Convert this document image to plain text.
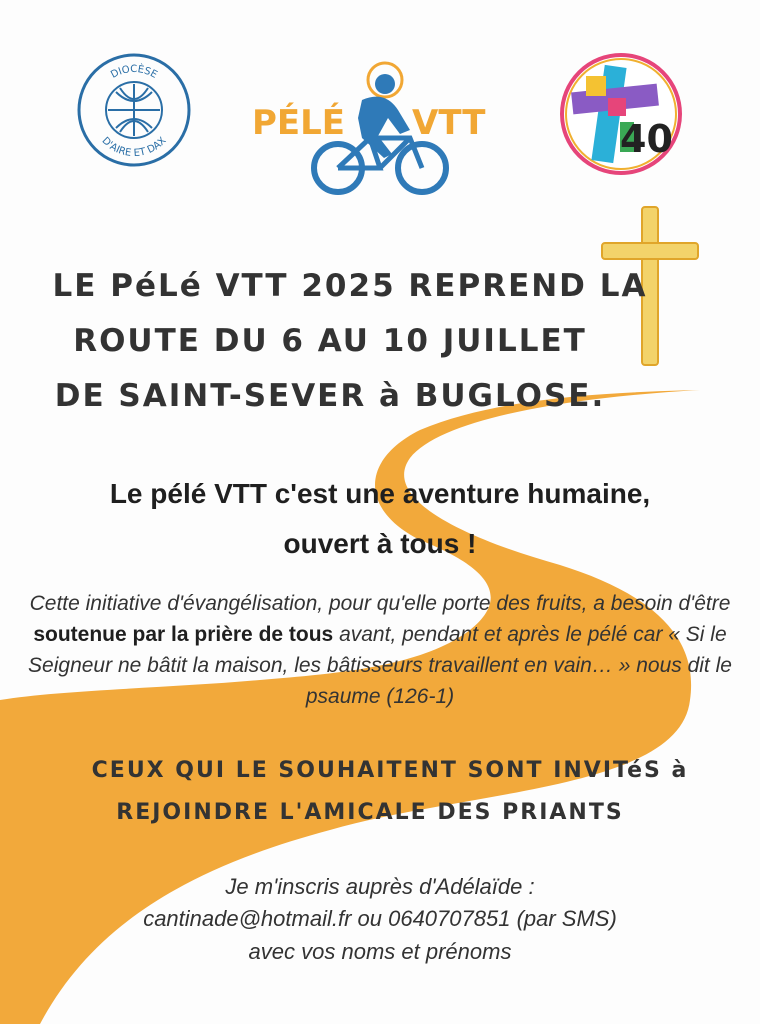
DIOCÈSE
D'AIRE ET DAX PÉLÉ VTT	40
LE PéLé VTT 2025 REPREND LA
ROUTE DU 6 AU 10 JUILLET
DE SAINT-SEVER à BUGLOSE.
Le pélé VTT c'est une aventure humaine,
ouvert à tous !
Cette initiative d'évangélisation, pour qu'elle porte des fruits, a besoin d'être soutenue par la prière de tous avant, pendant et après le pélé car « Si le Seigneur ne bâtit la maison, les bâtisseurs travaillent en vain… » nous dit le psaume (126-1)
CEUX QUI LE SOUHAITENT SONT INVITéS à
REJOINDRE L'AMICALE DES PRIANTS
Je m'inscris auprès d'Adélaïde :
cantinade@hotmail.fr ou 0640707851 (par SMS)
avec vos noms et prénoms
